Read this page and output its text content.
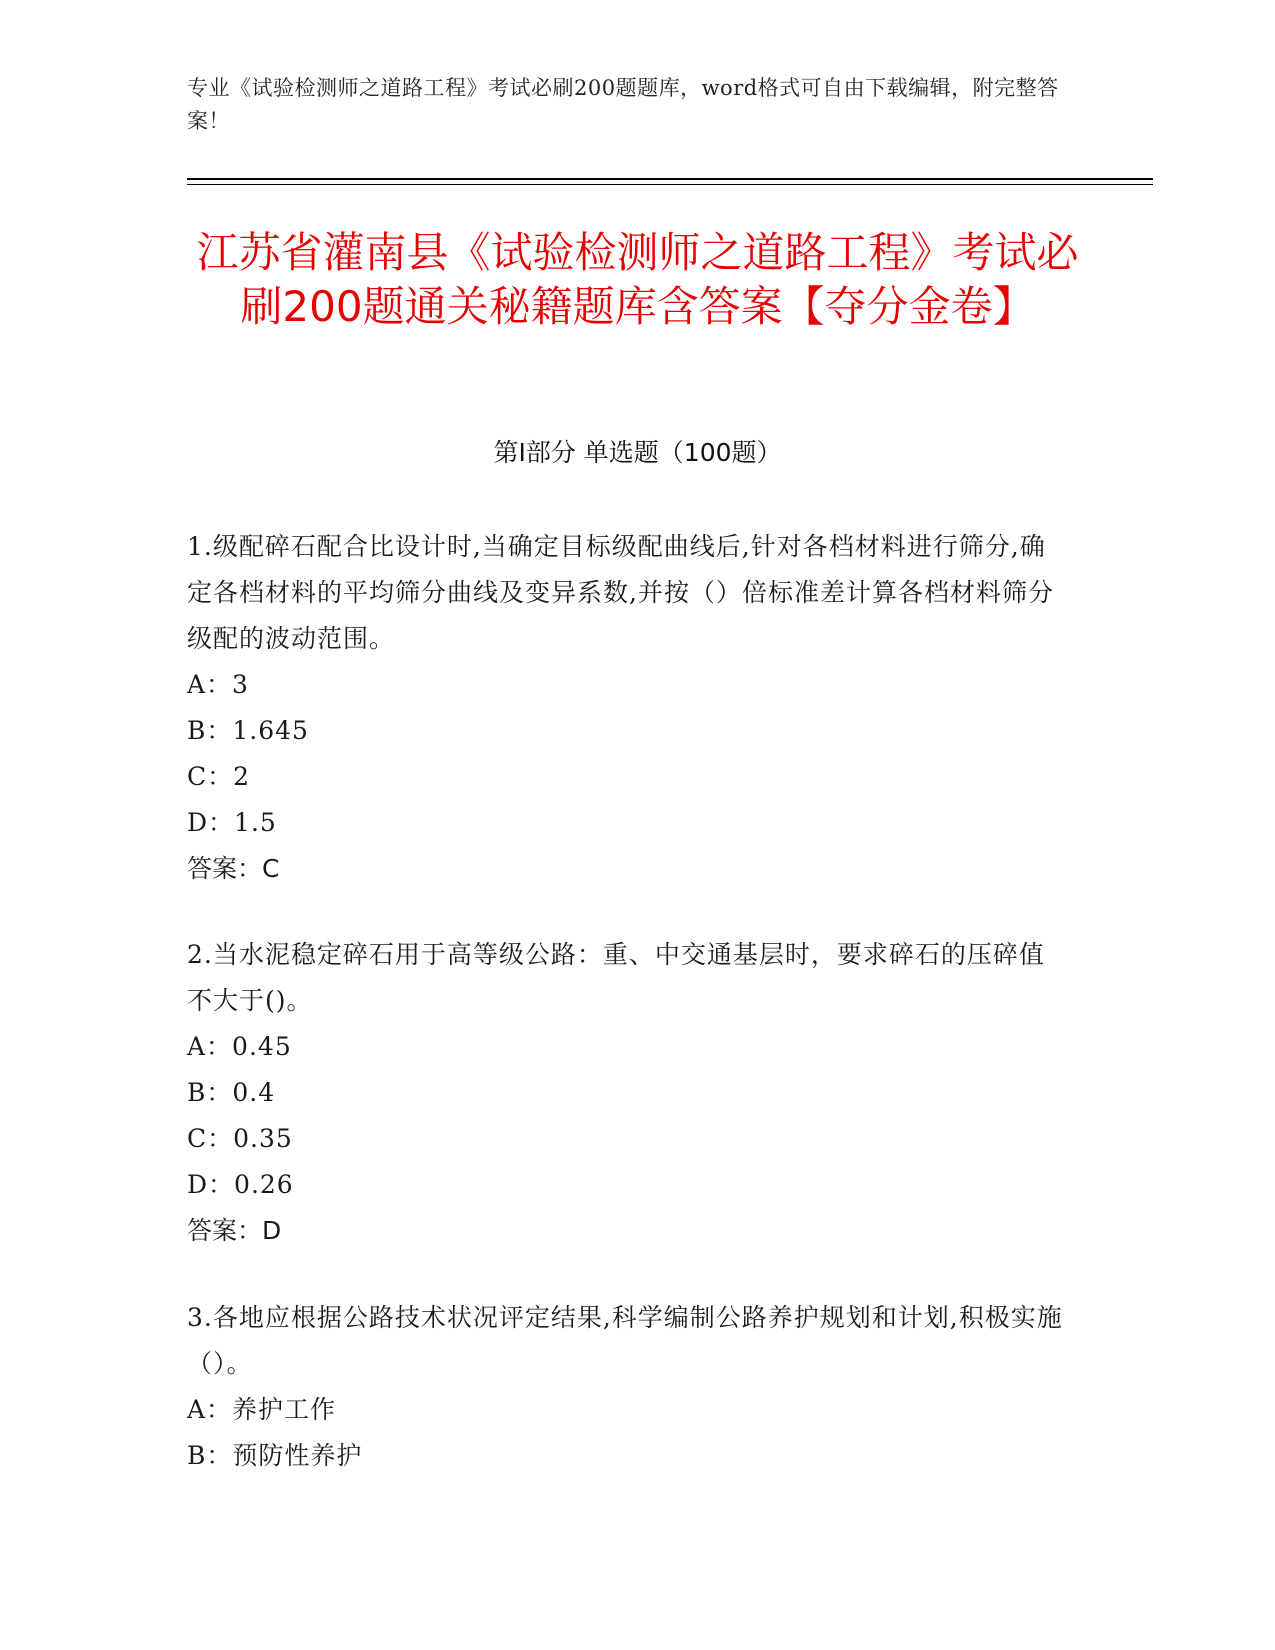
专业《试验检测师之道路工程》考试必刷200题题库，word格式可自由下载编辑，附完整答案！
江苏省灌南县《试验检测师之道路工程》考试必刷200题通关秘籍题库含答案【夺分金卷】
第I部分 单选题（100题）

1.级配碎石配合比设计时,当确定目标级配曲线后,针对各档材料进行筛分,确定各档材料的平均筛分曲线及变异系数,并按（）倍标准差计算各档材料筛分级配的波动范围。

A：3

B：1.645

C：2

D：1.5

答案：C

2.当水泥稳定碎石用于高等级公路：重、中交通基层时，要求碎石的压碎值不大于()。

A：0.45

B：0.4

C：0.35

D：0.26

答案：D

3.各地应根据公路技术状况评定结果,科学编制公路养护规划和计划,积极实施（）。

A：养护工作

B：预防性养护
